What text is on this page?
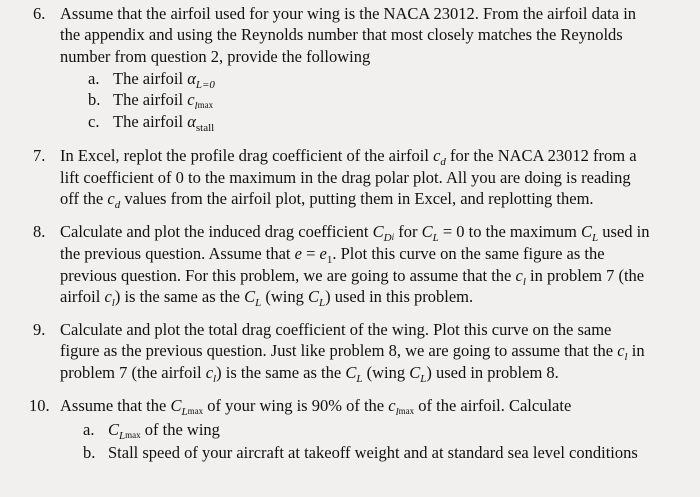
6. Assume that the airfoil used for your wing is the NACA 23012. From the airfoil data in
the appendix and using the Reynolds number that most closely matches the Reynolds
number from question 2, provide the following
a. The airfoil $\alpha_{L=0}$
b. The airfoil $c_l\max$
c. The airfoil $\alpha_{stall}$
7. In Excel, replot the profile drag coefficient of the airfoil $c_d$ for the NACA 23012 from a
lift coefficient of 0 to the maximum in the drag polar plot. All you are doing is reading
off the $c_d$ values from the airfoil plot, putting them in Excel, and replotting them.
8. Calculate and plot the induced drag coefficient $C_Di$ for $C_L = 0$ to the maximum $C_L$ used in
the previous question. Assume that $e = e_1$. Plot this curve on the same figure as the
previous question. For this problem, we are going to assume that the $c_l$ in problem 7 (the
airfoil $c_l$) is the same as the $C_L$ (wing $C_L$) used in this problem.
9. Calculate and plot the total drag coefficient of the wing. Plot this curve on the same
figure as the previous question. Just like problem 8, we are going to assume that the $c_l$ in
problem 7 (the airfoil $c_l$) is the same as the $C_L$ (wing $C_L$) used in problem 8.
10. Assume that the $C_L\max$ of your wing is 90% of the $c_l\max$ of the airfoil. Calculate
a. $C_L\max$ of the wing
b. Stall speed of your aircraft at takeoff weight and at standard sea level conditions
